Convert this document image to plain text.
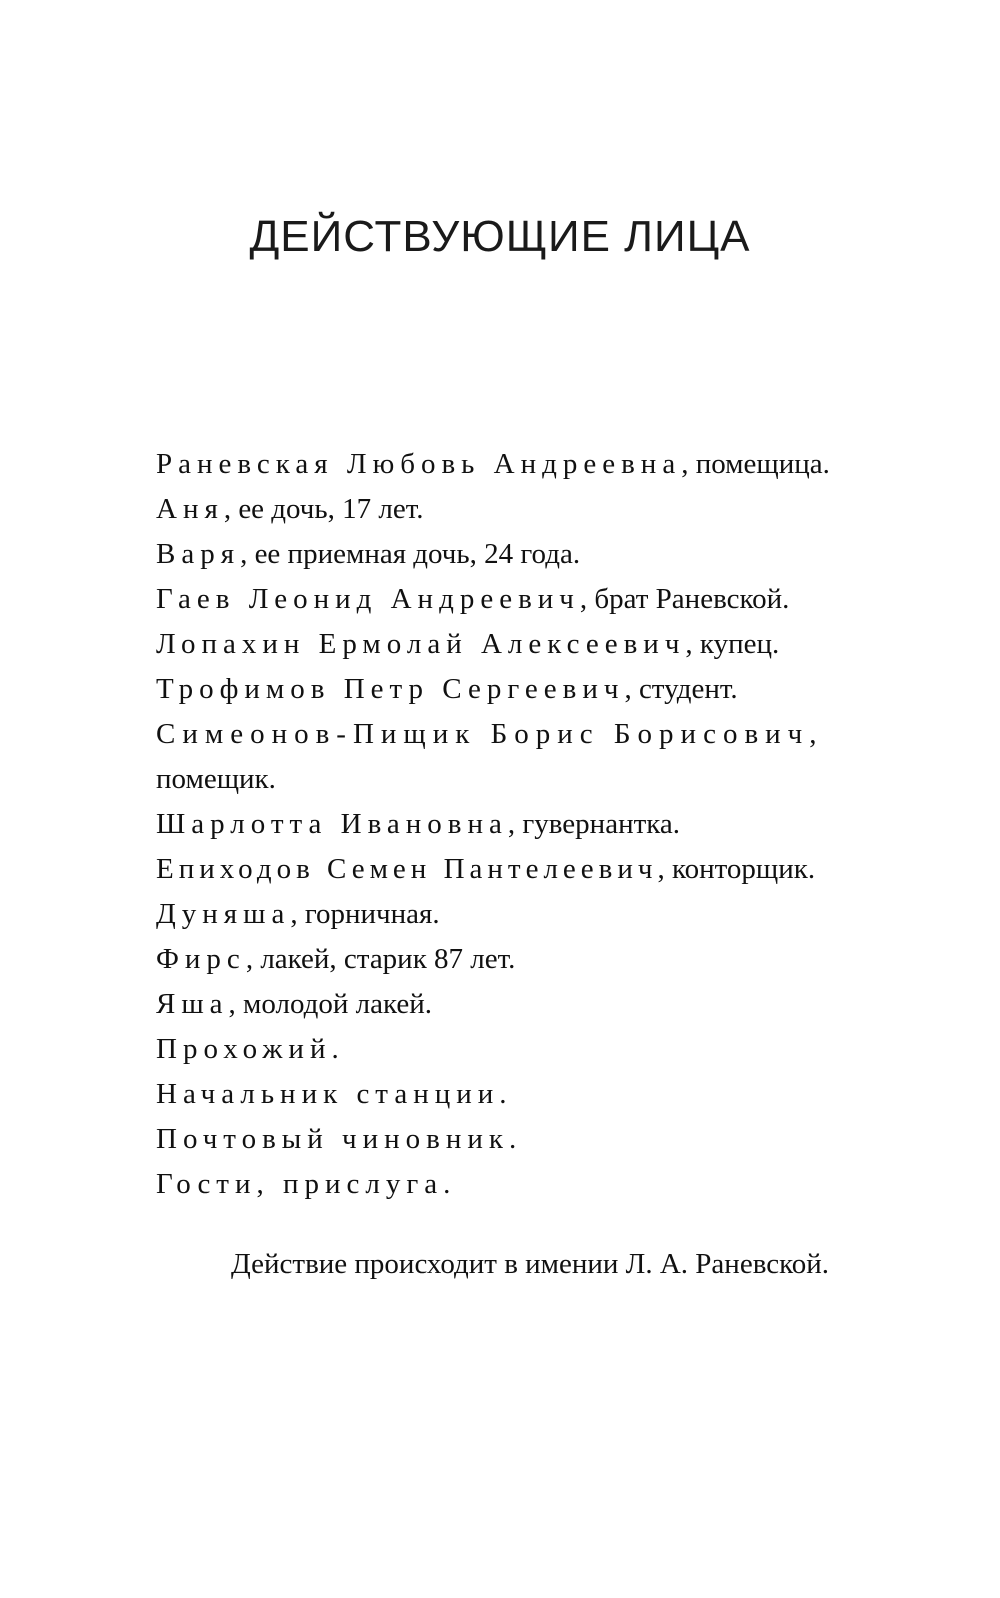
ДЕЙСТВУЮЩИЕ ЛИЦА
Раневская Любовь Андреевна, помещица.
Аня, ее дочь, 17 лет.
Варя, ее приемная дочь, 24 года.
Гаев Леонид Андреевич, брат Раневской.
Лопахин Ермолай Алексеевич, купец.
Трофимов Петр Сергеевич, студент.
Симеонов-Пищик Борис Борисович,
помещик.
Шарлотта Ивановна, гувернантка.
Епиходов Семен Пантелеевич, конторщик.
Дуняша, горничная.
Фирс, лакей, старик 87 лет.
Яша, молодой лакей.
Прохожий.
Начальник станции.
Почтовый чиновник.
Гости, прислуга.

Действие происходит в имении Л. А. Раневской.
